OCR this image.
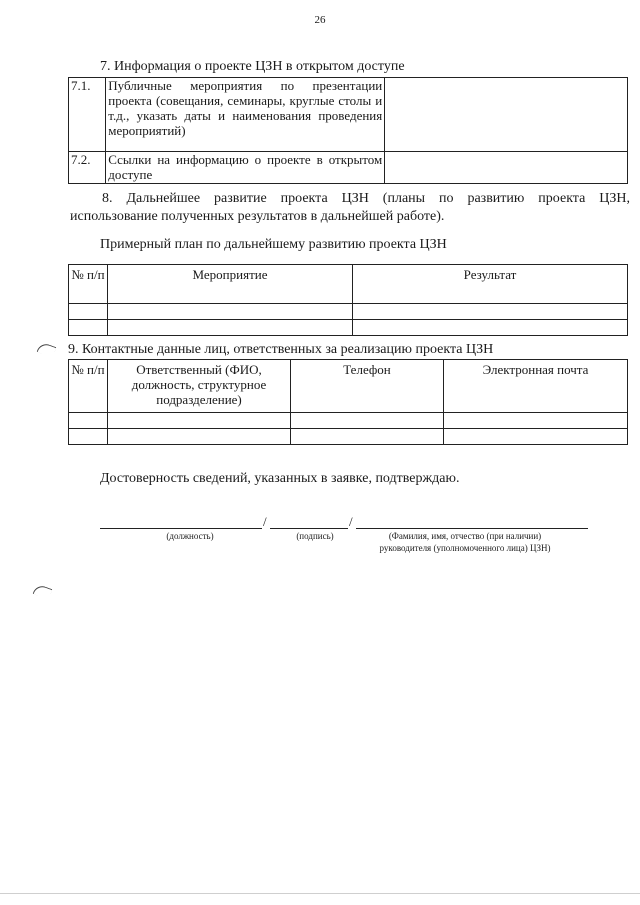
26
7. Информация о проекте ЦЗН в открытом доступе
7.1.	Публичные мероприятия по презентации проекта (совещания, семинары, круглые столы и т.д., указать даты и наименования проведения мероприятий)	
7.2.	Ссылки на информацию о проекте в открытом доступе	
8. Дальнейшее развитие проекта ЦЗН (планы по развитию проекта ЦЗН,
использование полученных результатов в дальнейшей работе).
Примерный план по дальнейшему развитию проекта ЦЗН
№ п/п	Мероприятие	Результат

9. Контактные данные лиц, ответственных за реализацию проекта ЦЗН
№ п/п	Ответственный (ФИО, должность, структурное подразделение)	Телефон	Электронная почта

Достоверность сведений, указанных в заявке, подтверждаю.
/	/
(должность)	(подпись)	(Фамилия, имя, отчество (при наличии)
руководителя (уполномоченного лица) ЦЗН)
